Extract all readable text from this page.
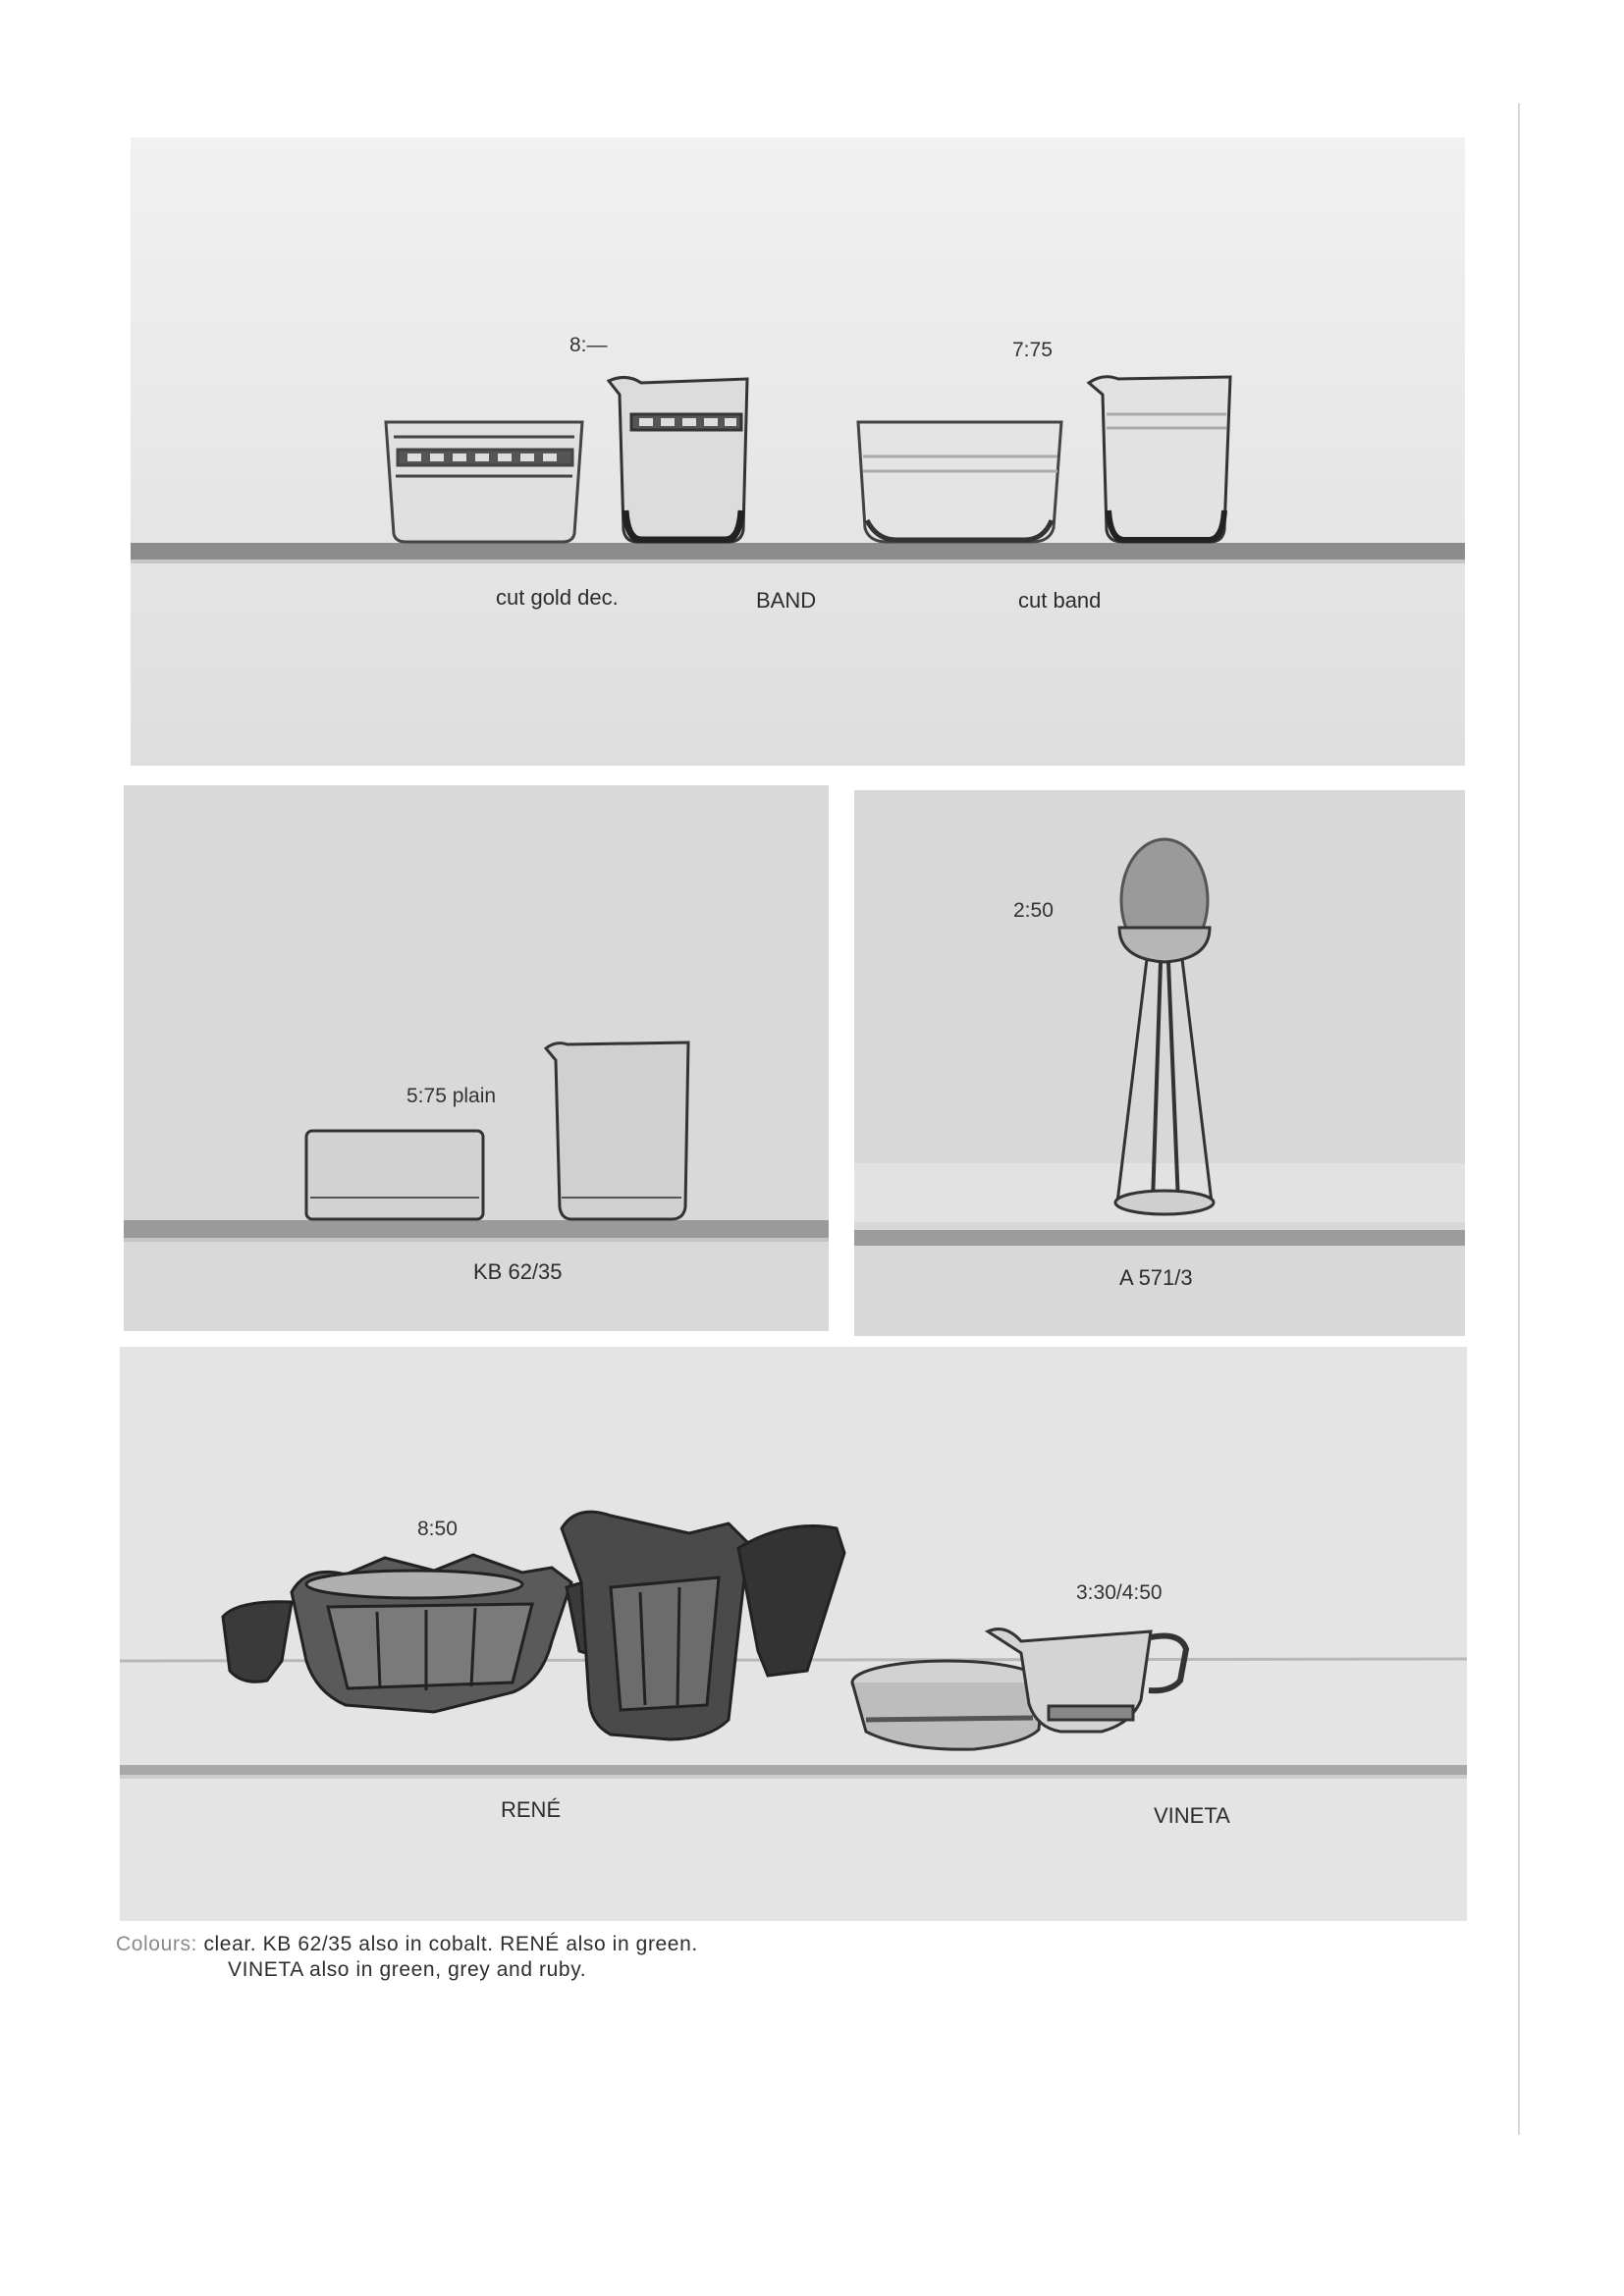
8:—	7:75
cut gold dec.	BAND	cut band
5:75 plain
KB 62/35
2:50
A 571/3
8:50
3:30/4:50
RENÉ	VINETA
Colours: clear. KB 62/35 also in cobalt. RENÉ also in green.
VINETA also in green, grey and ruby.
